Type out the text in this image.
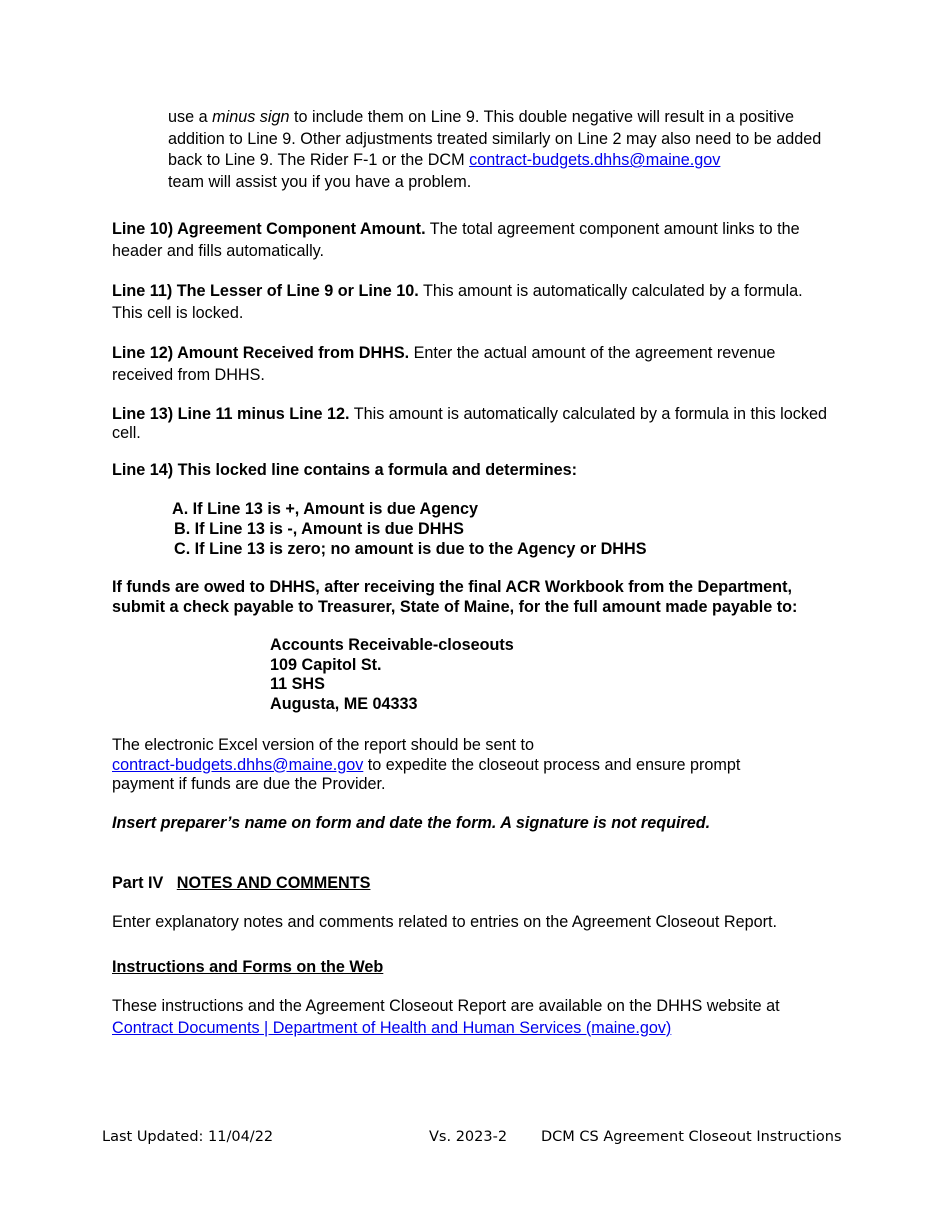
use a minus sign to include them on Line 9. This double negative will result in a positive addition to Line 9. Other adjustments treated similarly on Line 2 may also need to be added back to Line 9. The Rider F-1 or the DCM contract-budgets.dhhs@maine.gov
team will assist you if you have a problem.

Line 10) Agreement Component Amount. The total agreement component amount links to the header and fills automatically.

Line 11) The Lesser of Line 9 or Line 10. This amount is automatically calculated by a formula. This cell is locked.

Line 12) Amount Received from DHHS. Enter the actual amount of the agreement revenue received from DHHS.

Line 13) Line 11 minus Line 12. This amount is automatically calculated by a formula in this locked cell.

Line 14) This locked line contains a formula and determines:

A. If Line 13 is +, Amount is due Agency
B. If Line 13 is -, Amount is due DHHS
C. If Line 13 is zero; no amount is due to the Agency or DHHS

If funds are owed to DHHS, after receiving the final ACR Workbook from the Department, submit a check payable to Treasurer, State of Maine, for the full amount made payable to:

Accounts Receivable-closeouts
109 Capitol St.
11 SHS
Augusta, ME 04333

The electronic Excel version of the report should be sent to
contract-budgets.dhhs@maine.gov to expedite the closeout process and ensure prompt payment if funds are due the Provider.

Insert preparer’s name on form and date the form. A signature is not required.

Part IV   NOTES AND COMMENTS

Enter explanatory notes and comments related to entries on the Agreement Closeout Report.

Instructions and Forms on the Web

These instructions and the Agreement Closeout Report are available on the DHHS website at Contract Documents | Department of Health and Human Services (maine.gov)

Last Updated: 11/04/22	Vs. 2023-2 DCM CS Agreement Closeout Instructions
